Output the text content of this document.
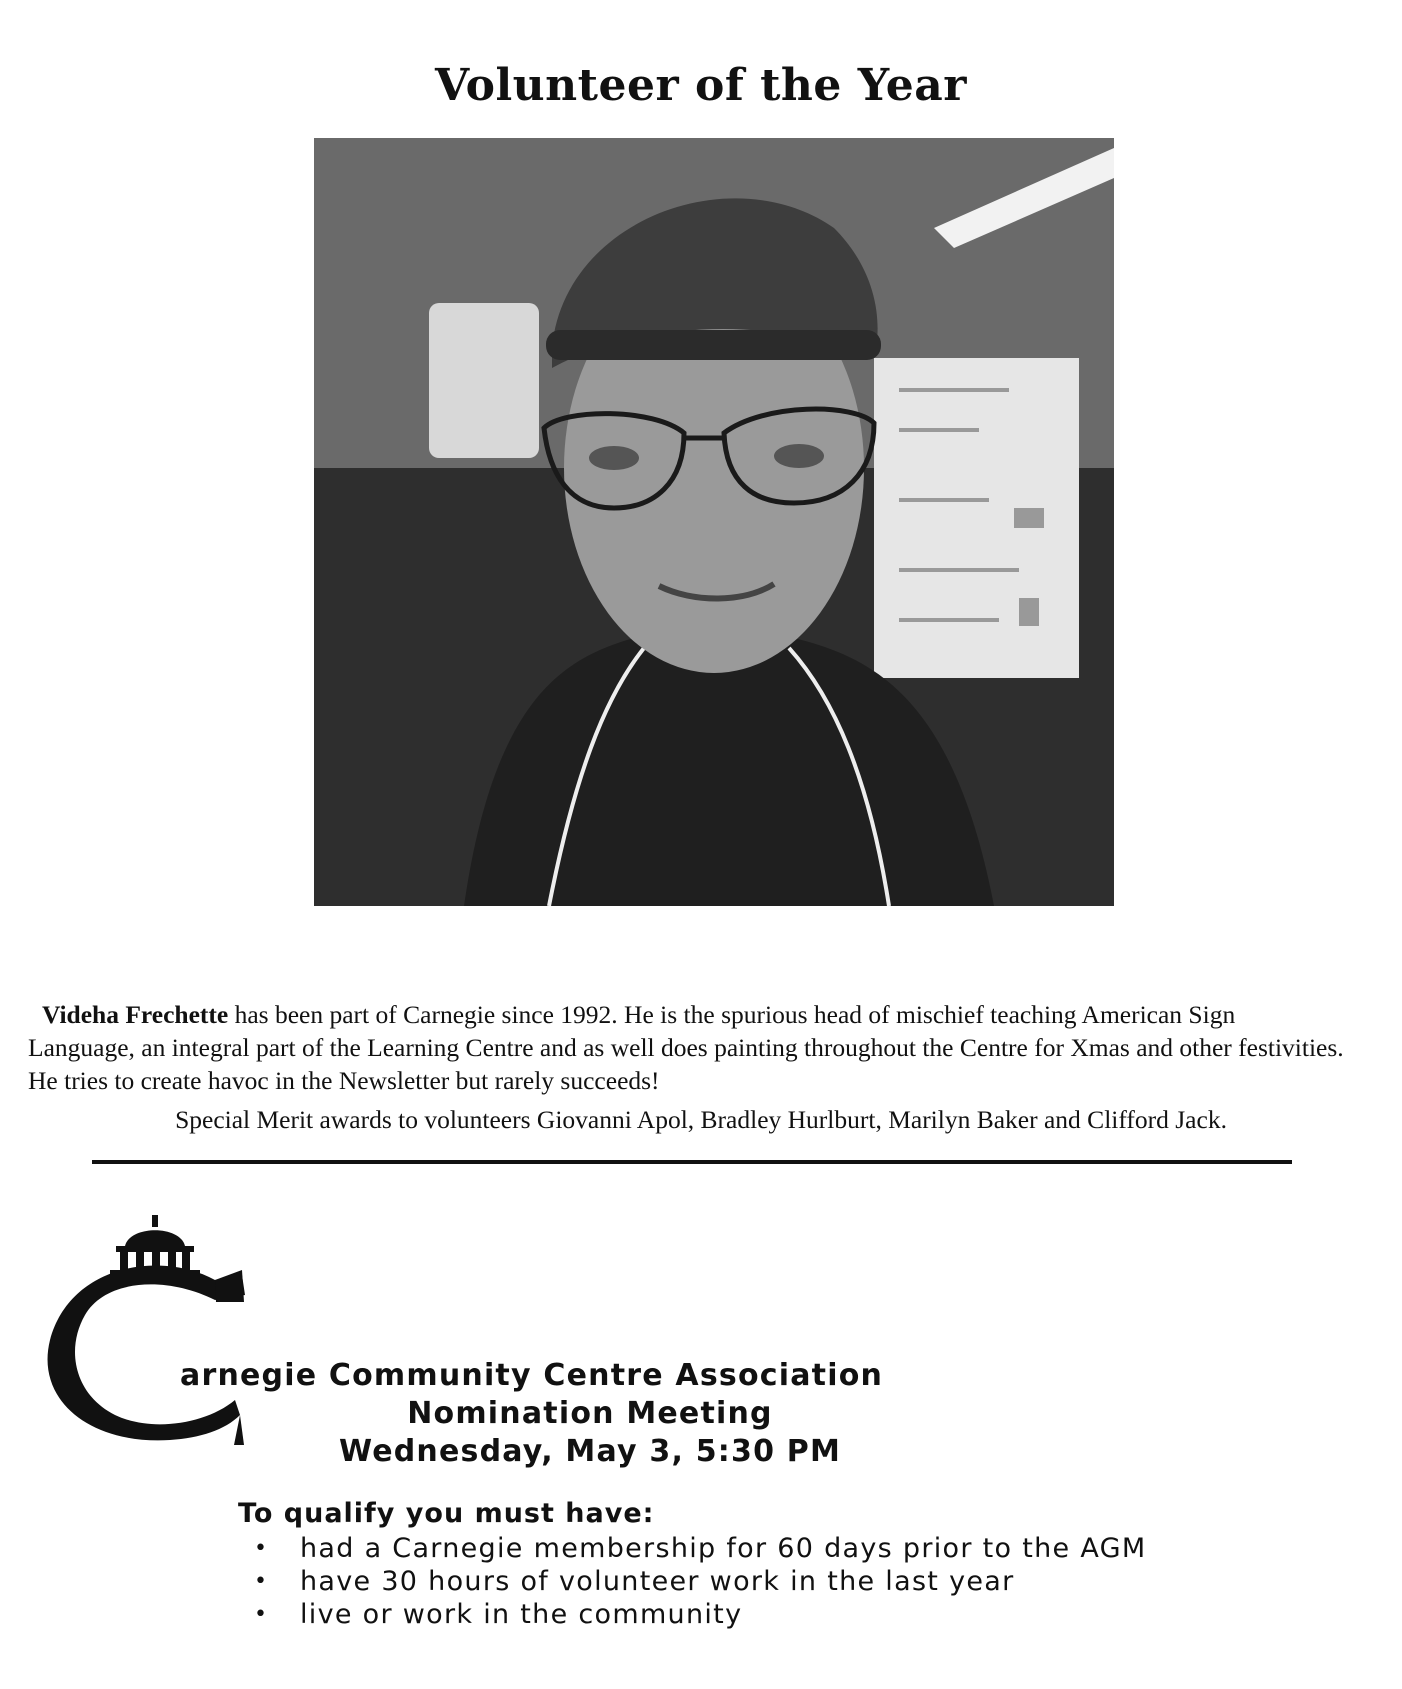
Volunteer of the Year

Videha Frechette has been part of Carnegie since 1992. He is the spurious head of mischief teaching American Sign Language, an integral part of the Learning Centre and as well does painting throughout the Centre for Xmas and other festivities. He tries to create havoc in the Newsletter but rarely succeeds!

Special Merit awards to volunteers Giovanni Apol, Bradley Hurlburt, Marilyn Baker and Clifford Jack.
arnegie Community Centre Association
Nomination Meeting
Wednesday, May 3, 5:30 PM
To qualify you must have:
• had a Carnegie membership for 60 days prior to the AGM
• have 30 hours of volunteer work in the last year
• live or work in the community
